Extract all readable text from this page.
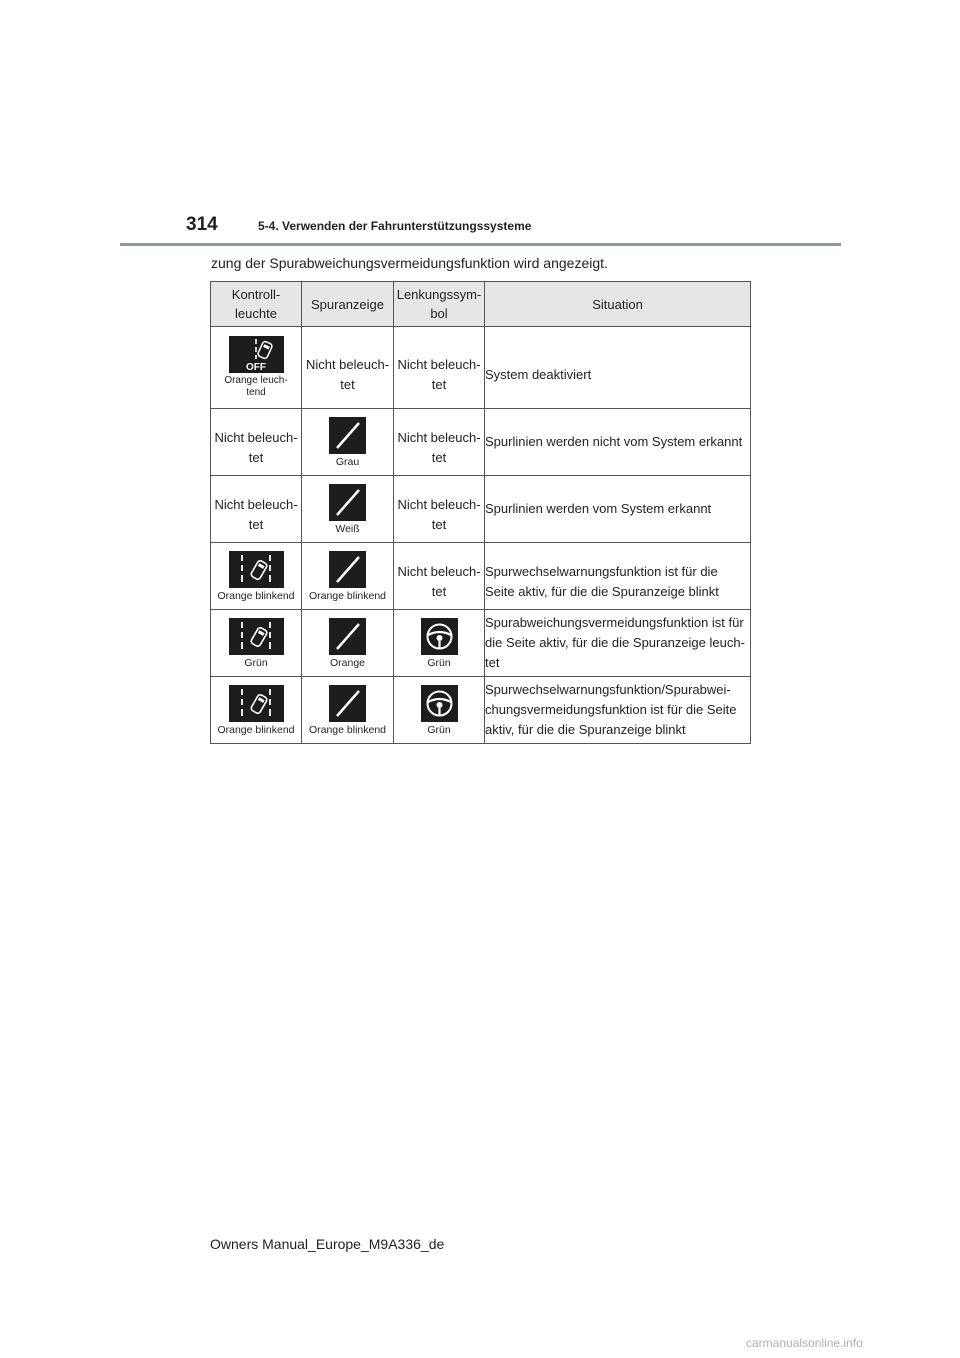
314	5-4. Verwenden der Fahrunterstützungssysteme
zung der Spurabweichungsvermeidungsfunktion wird angezeigt.
Kontroll-
leuchte	Spuranzeige	Lenkungssym-
bol	Situation

OFF
Orange leuch-
tend	Nicht beleuch-
tet	Nicht beleuch-
tet	System deaktiviert

Nicht beleuch-
tet	Grau	Nicht beleuch-
tet	Spurlinien werden nicht vom System erkannt

Nicht beleuch-
tet	Weiß	Nicht beleuch-
tet	Spurlinien werden vom System erkannt

Orange blinkend	Orange blinkend	Nicht beleuch-
tet	Spurwechselwarnungsfunktion ist für die
Seite aktiv, für die die Spuranzeige blinkt

Grün	Orange	Grün	Spurabweichungsvermeidungsfunktion ist für
die Seite aktiv, für die die Spuranzeige leuch-
tet

Orange blinkend	Orange blinkend	Grün	Spurwechselwarnungsfunktion/Spurabwei-
chungsvermeidungsfunktion ist für die Seite
aktiv, für die die Spuranzeige blinkt
Owners Manual_Europe_M9A336_de
carmanualsonline.info
